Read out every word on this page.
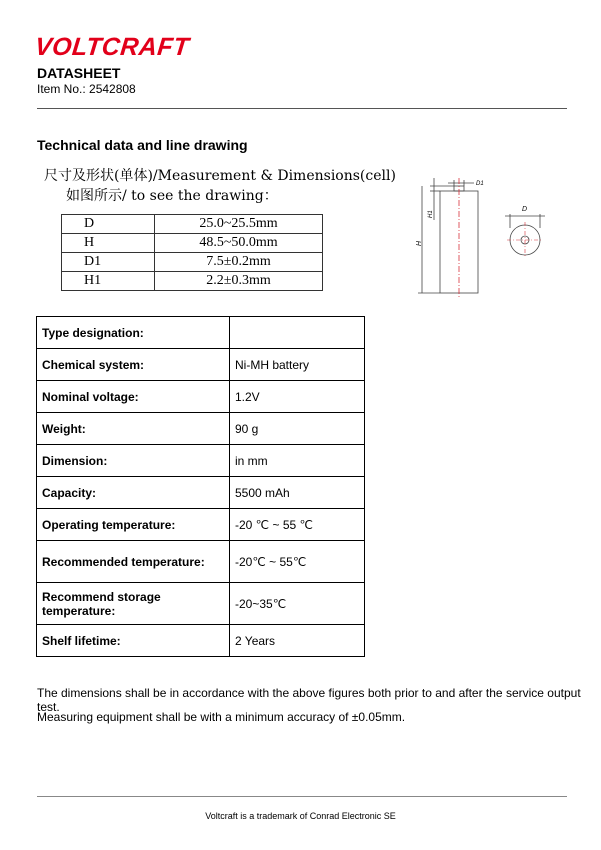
VOLTCRAFT
DATASHEET
Item No.: 2542808
Technical data and line drawing
尺寸及形状(单体)/Measurement & Dimensions(cell)
如图所示/ to see the drawing：
D	25.0~25.5mm
H	48.5~50.0mm
D1	7.5±0.2mm
H1	2.2±0.3mm
D1
H1
H
D
Type designation:	
Chemical system:	Ni-MH battery
Nominal voltage:	1.2V
Weight:	90 g
Dimension:	in mm
Capacity:	5500 mAh
Operating temperature:	-20 ℃ ~ 55 ℃
Recommended temperature:	-20℃ ~ 55℃
Recommend storage temperature:	-20~35℃
Shelf lifetime:	2 Years
The dimensions shall be in accordance with the above figures both prior to and after the service output test.
Measuring equipment shall be with a minimum accuracy of ±0.05mm.
Voltcraft is a trademark of Conrad Electronic SE
